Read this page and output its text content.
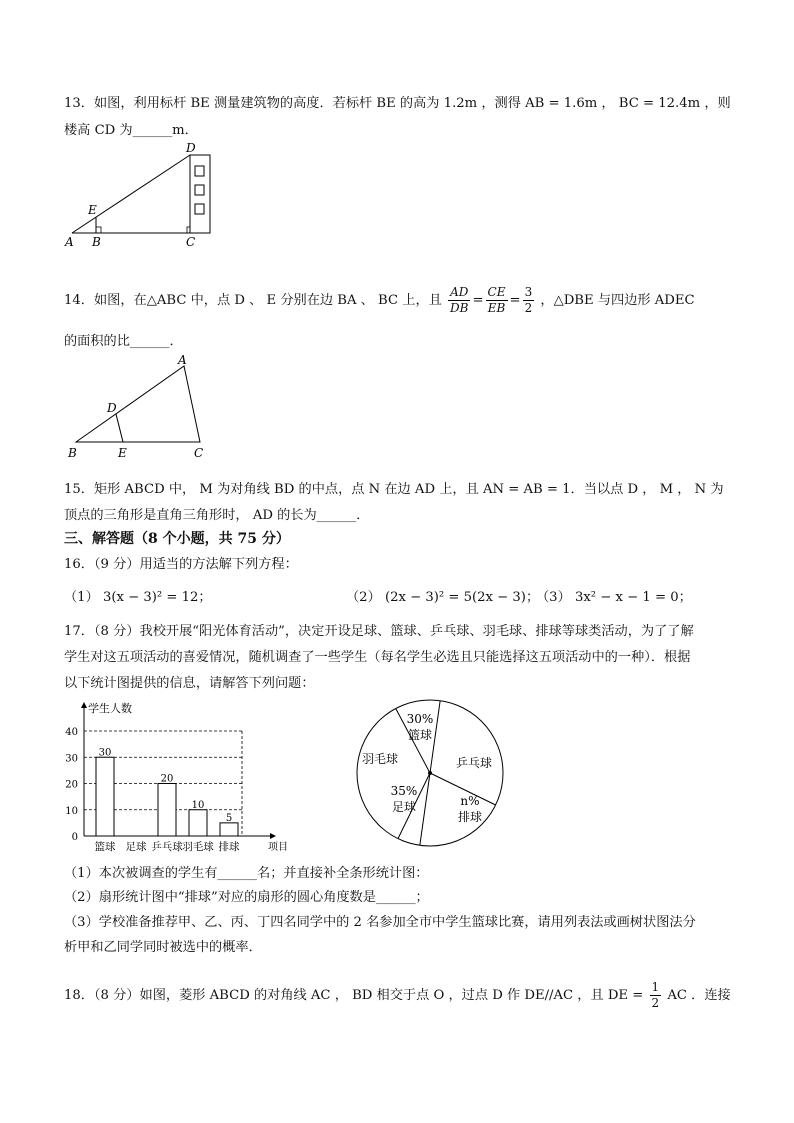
13．如图，利用标杆 BE 测量建筑物的高度．若标杆 BE 的高为 1.2m ，测得 AB = 1.6m ， BC = 12.4m ，则
楼高 CD 为______m．
A B	C
D
E
14．如图，在△ABC 中，点 D 、 E 分别在边 BA 、 BC 上，且 $\frac{AD}{DB} = \frac{CE}{EB} = \frac{3}{2}$ ，△DBE 与四边形 ADEC
的面积的比______．
A
B	C
D
E
15．矩形 ABCD 中， M 为对角线 BD 的中点，点 N 在边 AD 上，且 AN = AB = 1．当以点 D ， M ， N 为
顶点的三角形是直角三角形时， AD 的长为______．
三、解答题（8 个小题，共 75 分）
16．（9 分）用适当的方法解下列方程：
（1） 3(x − 3)² = 12；	（2） (2x − 3)² = 5(2x − 3)；
（3） 3x² − x − 1 = 0；
17．（8 分）我校开展“阳光体育活动”，决定开设足球、篮球、乒乓球、羽毛球、排球等球类活动，为了了解
学生对这五项活动的喜爱情况，随机调查了一些学生（每名学生必选且只能选择这五项活动中的一种）．根据
以下统计图提供的信息，请解答下列问题：
0
10
20
30
40
学生人数
项目
篮球
30
足球 乒乓球
20
羽毛球
10
排球
5
30%
篮球
乒乓球
n%
排球
35%
足球
羽毛球
（1）本次被调查的学生有______名；并直接补全条形统计图：
（2）扇形统计图中“排球”对应的扇形的圆心角度数是______；
（3）学校准备推荐甲、乙、丙、丁四名同学中的 2 名参加全市中学生篮球比赛，请用列表法或画树状图法分
析甲和乙同学同时被选中的概率．
18．（8 分）如图，菱形 ABCD 的对角线 AC ， BD 相交于点 O ，过点 D 作 DE//AC ，且 DE = $\frac{1}{2}$ AC ．连接
